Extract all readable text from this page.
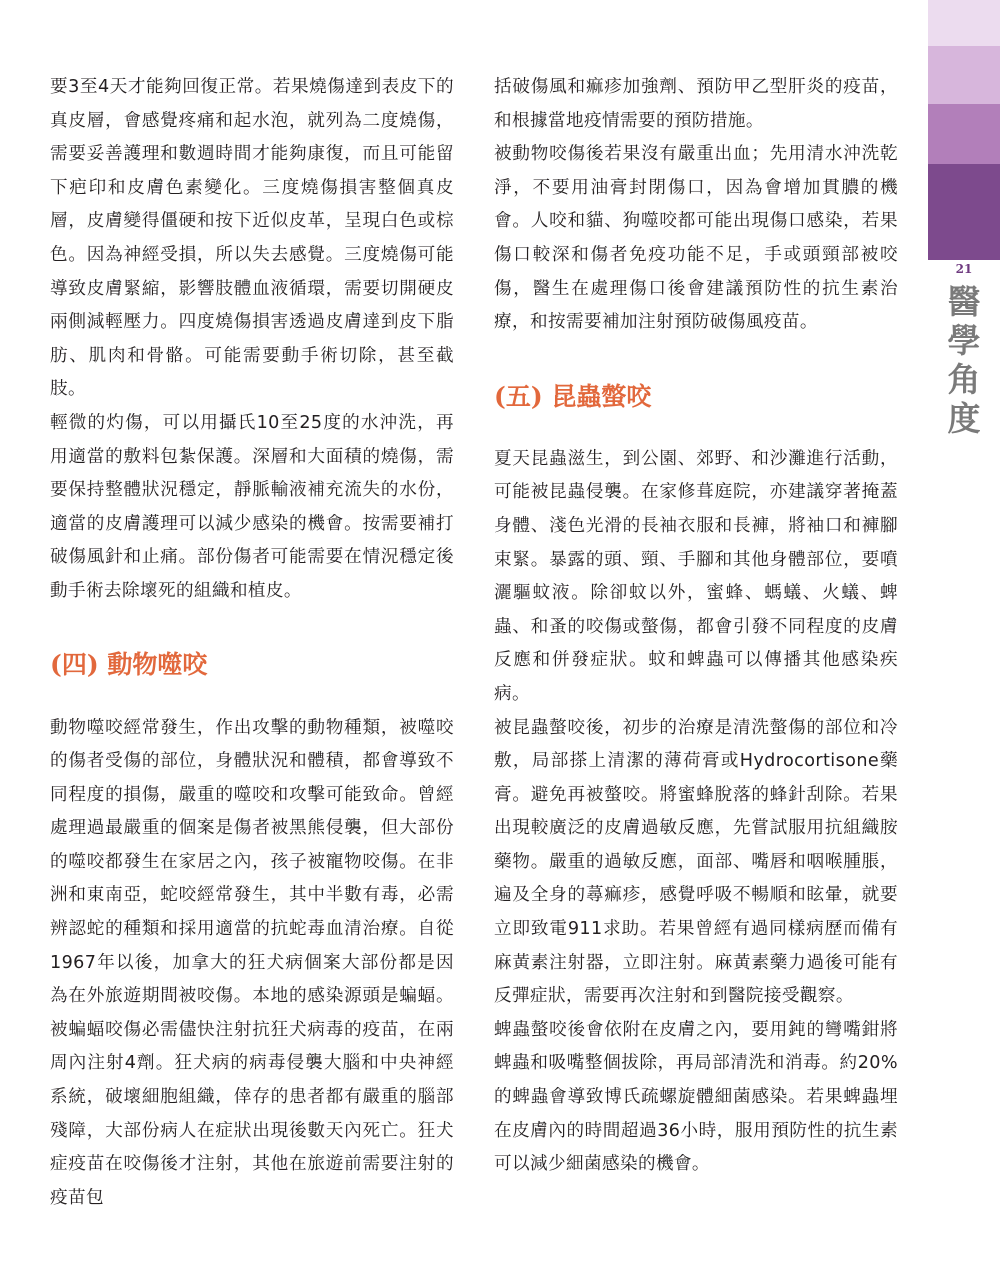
要3至4天才能夠回復正常。若果燒傷達到表皮下的真皮層，會感覺疼痛和起水泡，就列為二度燒傷，需要妥善護理和數週時間才能夠康復，而且可能留下疤印和皮膚色素變化。三度燒傷損害整個真皮層，皮膚變得僵硬和按下近似皮革，呈現白色或棕色。因為神經受損，所以失去感覺。三度燒傷可能導致皮膚緊縮，影響肢體血液循環，需要切開硬皮兩側減輕壓力。四度燒傷損害透過皮膚達到皮下脂肪、肌肉和骨骼。可能需要動手術切除，甚至截肢。

輕微的灼傷，可以用攝氏10至25度的水沖洗，再用適當的敷料包紮保護。深層和大面積的燒傷，需要保持整體狀況穩定，靜脈輸液補充流失的水份，適當的皮膚護理可以減少感染的機會。按需要補打破傷風針和止痛。部份傷者可能需要在情況穩定後動手術去除壞死的組織和植皮。

(四) 動物噬咬

動物噬咬經常發生，作出攻擊的動物種類，被噬咬的傷者受傷的部位，身體狀況和體積，都會導致不同程度的損傷，嚴重的噬咬和攻擊可能致命。曾經處理過最嚴重的個案是傷者被黑熊侵襲，但大部份的噬咬都發生在家居之內，孩子被寵物咬傷。在非洲和東南亞，蛇咬經常發生，其中半數有毒，必需辨認蛇的種類和採用適當的抗蛇毒血清治療。自從1967年以後，加拿大的狂犬病個案大部份都是因為在外旅遊期間被咬傷。本地的感染源頭是蝙蝠。被蝙蝠咬傷必需儘快注射抗狂犬病毒的疫苗，在兩周內注射4劑。狂犬病的病毒侵襲大腦和中央神經系統，破壞細胞組織，倖存的患者都有嚴重的腦部殘障，大部份病人在症狀出現後數天內死亡。狂犬症疫苗在咬傷後才注射，其他在旅遊前需要注射的疫苗包

括破傷風和痲疹加強劑、預防甲乙型肝炎的疫苗，和根據當地疫情需要的預防措施。

被動物咬傷後若果沒有嚴重出血；先用清水沖洗乾淨，不要用油膏封閉傷口，因為會增加貫膿的機會。人咬和貓、狗噬咬都可能出現傷口感染，若果傷口較深和傷者免疫功能不足，手或頭頸部被咬傷，醫生在處理傷口後會建議預防性的抗生素治療，和按需要補加注射預防破傷風疫苗。

(五) 昆蟲螫咬

夏天昆蟲滋生，到公園、郊野、和沙灘進行活動，可能被昆蟲侵襲。在家修葺庭院，亦建議穿著掩蓋身體、淺色光滑的長袖衣服和長褲，將袖口和褲腳束緊。暴露的頭、頸、手腳和其他身體部位，要噴灑驅蚊液。除卻蚊以外，蜜蜂、螞蟻、火蟻、蜱蟲、和蚤的咬傷或螫傷，都會引發不同程度的皮膚反應和併發症狀。蚊和蜱蟲可以傳播其他感染疾病。

被昆蟲螫咬後，初步的治療是清洗螫傷的部位和冷敷，局部搽上清潔的薄荷膏或Hydrocortisone藥膏。避免再被螫咬。將蜜蜂脫落的蜂針刮除。若果出現較廣泛的皮膚過敏反應，先嘗試服用抗組織胺藥物。嚴重的過敏反應，面部、嘴唇和咽喉腫脹，遍及全身的蕁痲疹，感覺呼吸不暢順和眩暈，就要立即致電911求助。若果曾經有過同樣病歷而備有麻黃素注射器，立即注射。麻黃素藥力過後可能有反彈症狀，需要再次注射和到醫院接受觀察。

蜱蟲螫咬後會依附在皮膚之內，要用鈍的彎嘴鉗將蜱蟲和吸嘴整個拔除，再局部清洗和消毒。約20%的蜱蟲會導致博氏疏螺旋體細菌感染。若果蜱蟲埋在皮膚內的時間超過36小時，服用預防性的抗生素可以減少細菌感染的機會。

21
醫
學
角
度
